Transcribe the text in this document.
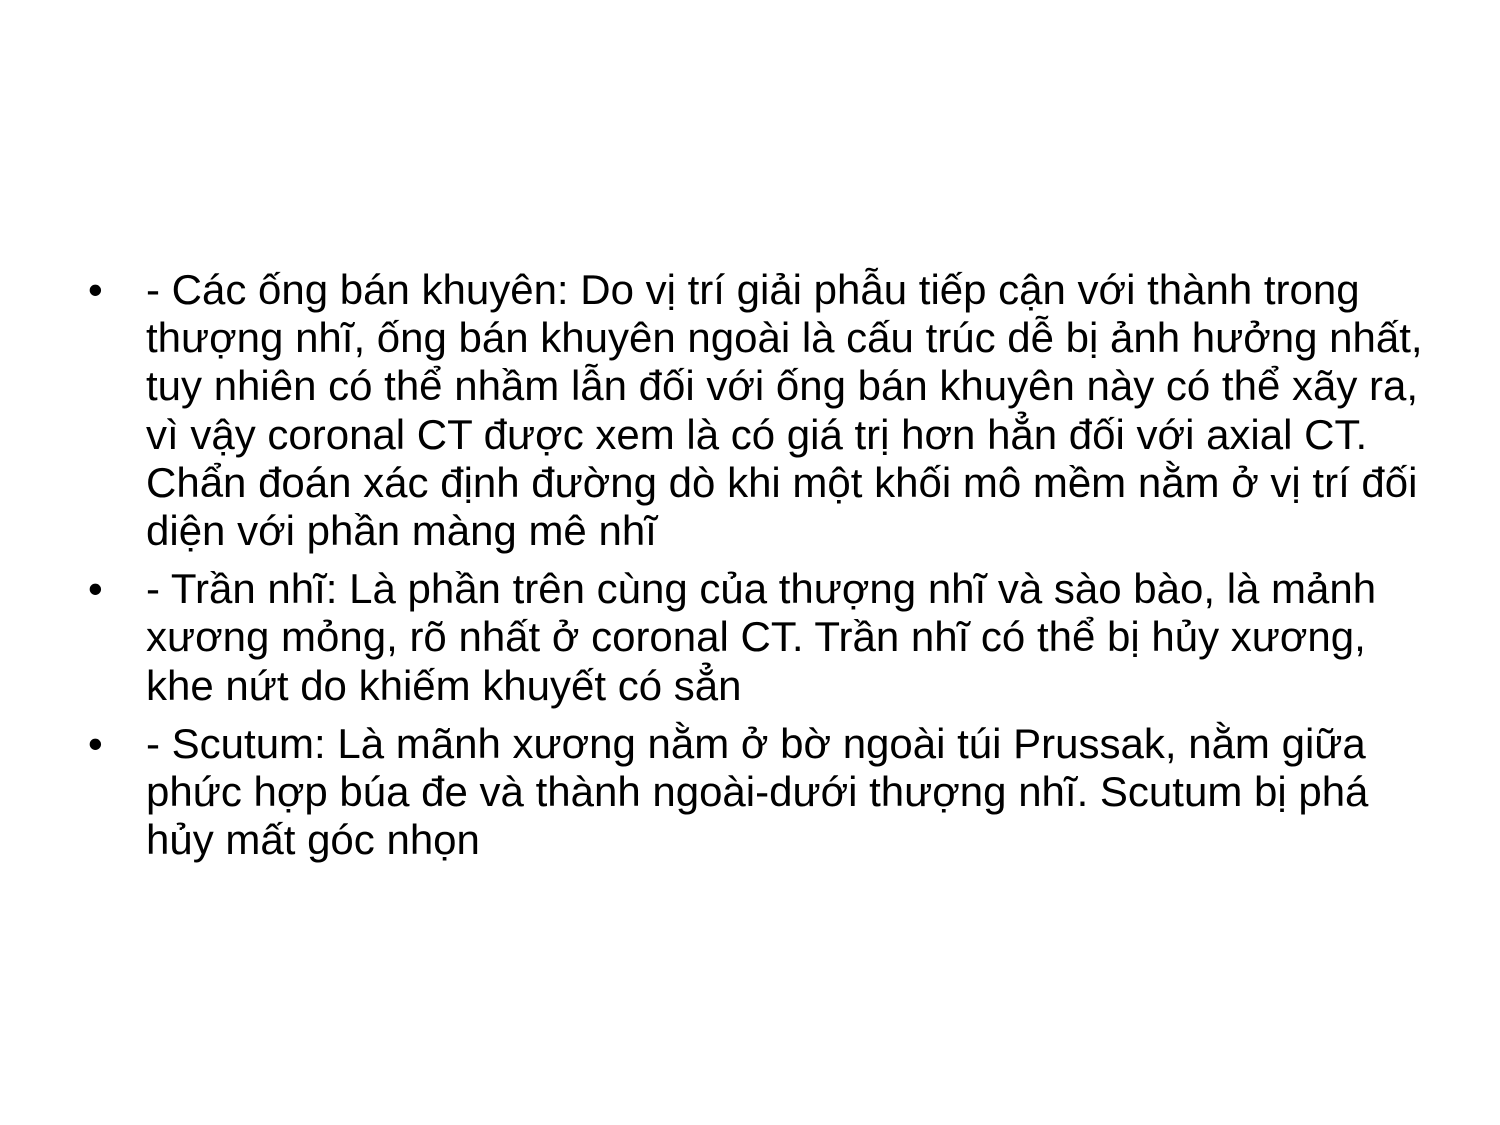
• - Các ống bán khuyên: Do vị trí giải phẫu tiếp cận với thành trong thượng nhĩ, ống bán khuyên ngoài là cấu trúc dễ bị ảnh hưởng nhất, tuy nhiên có thể nhầm lẫn đối với ống bán khuyên này có thể xãy ra, vì vậy coronal CT được xem là có giá trị hơn hẳn đối với axial CT. Chẩn đoán xác định đường dò khi một khối mô mềm nằm ở vị trí đối diện với phần màng mê nhĩ
• - Trần nhĩ: Là phần trên cùng của thượng nhĩ và sào bào, là mảnh xương mỏng, rõ nhất ở coronal CT. Trần nhĩ có thể bị hủy xương, khe nứt do khiếm khuyết có sẳn
• - Scutum: Là mãnh xương nằm ở bờ ngoài túi Prussak, nằm giữa phức hợp búa đe và thành ngoài-dưới thượng nhĩ. Scutum bị phá hủy mất góc nhọn
